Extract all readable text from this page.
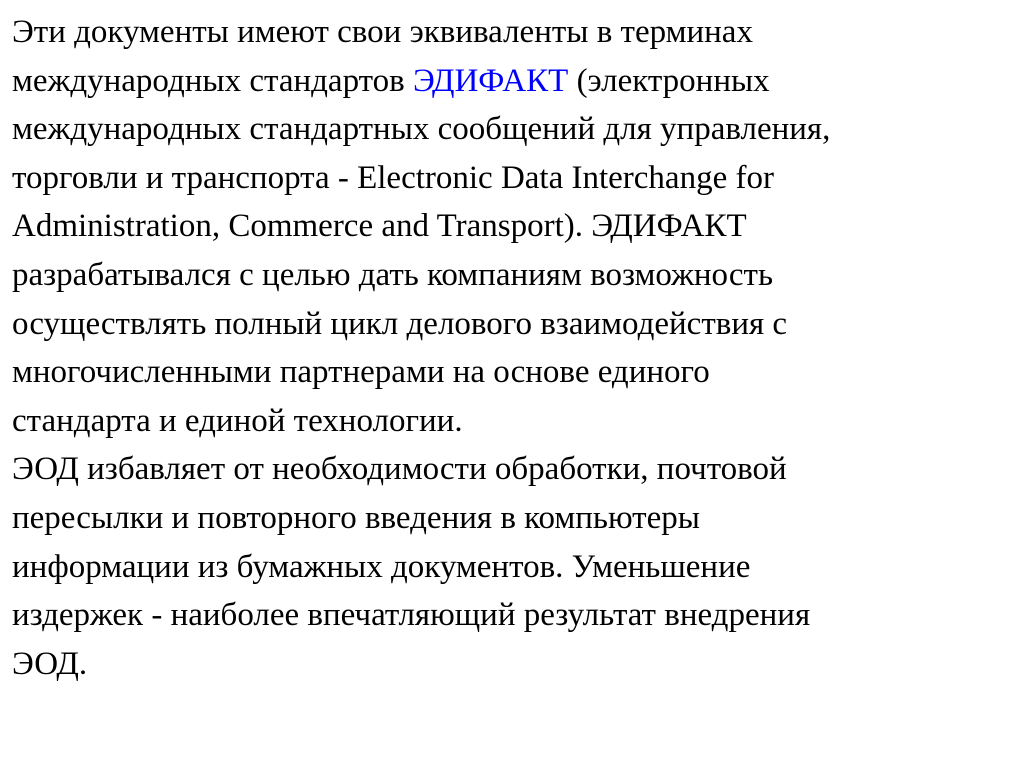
Эти документы имеют свои эквиваленты в терминах
международных стандартов ЭДИФАКТ (электронных
международных стандартных сообщений для управления,
торговли и транспорта - Electronic Data Interchange for
Administration, Commerce and Transport). ЭДИФАКТ
разрабатывался с целью дать компаниям возможность
осуществлять полный цикл делового взаимодействия с
многочисленными партнерами на основе единого
стандарта и единой технологии.

ЭОД избавляет от необходимости обработки, почтовой
пересылки и повторного введения в компьютеры
информации из бумажных документов. Уменьшение
издержек - наиболее впечатляющий результат внедрения
ЭОД.
